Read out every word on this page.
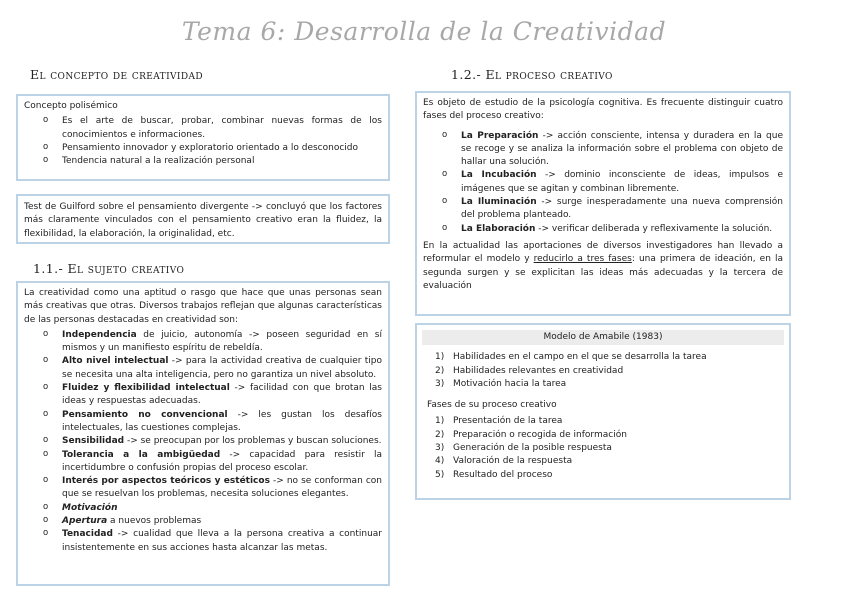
Tema 6: Desarrolla de la Creatividad
El concepto de creatividad

Concepto polisémico

o Es el arte de buscar, probar, combinar nuevas formas de los conocimientos e informaciones.
o Pensamiento innovador y exploratorio orientado a lo desconocido
o Tendencia natural a la realización personal

Test de Guilford sobre el pensamiento divergente -> concluyó que los factores más claramente vinculados con el pensamiento creativo eran la fluidez, la flexibilidad, la elaboración, la originalidad, etc.

1.1.- El sujeto creativo

La creatividad como una aptitud o rasgo que hace que unas personas sean más creativas que otras. Diversos trabajos reflejan que algunas características de las personas destacadas en creatividad son:

o Independencia de juicio, autonomía -> poseen seguridad en sí mismos y un manifiesto espíritu de rebeldía.
o Alto nivel intelectual -> para la actividad creativa de cualquier tipo se necesita una alta inteligencia, pero no garantiza un nivel absoluto.
o Fluidez y flexibilidad intelectual -> facilidad con que brotan las ideas y respuestas adecuadas.
o Pensamiento no convencional -> les gustan los desafíos intelectuales, las cuestiones complejas.
o Sensibilidad -> se preocupan por los problemas y buscan soluciones.
o Tolerancia a la ambigüedad -> capacidad para resistir la incertidumbre o confusión propias del proceso escolar.
o Interés por aspectos teóricos y estéticos -> no se conforman con que se resuelvan los problemas, necesita soluciones elegantes.
o Motivación
o Apertura a nuevos problemas
o Tenacidad -> cualidad que lleva a la persona creativa a continuar insistentemente en sus acciones hasta alcanzar las metas.
1.2.- El proceso creativo

Es objeto de estudio de la psicología cognitiva. Es frecuente distinguir cuatro fases del proceso creativo:

o La Preparación -> acción consciente, intensa y duradera en la que se recoge y se analiza la información sobre el problema con objeto de hallar una solución.
o La Incubación -> dominio inconsciente de ideas, impulsos e imágenes que se agitan y combinan libremente.
o La Iluminación -> surge inesperadamente una nueva comprensión del problema planteado.
o La Elaboración -> verificar deliberada y reflexivamente la solución.

En la actualidad las aportaciones de diversos investigadores han llevado a reformular el modelo y reducirlo a tres fases: una primera de ideación, en la segunda surgen y se explicitan las ideas más adecuadas y la tercera de evaluación

Modelo de Amabile (1983)
1) Habilidades en el campo en el que se desarrolla la tarea
2) Habilidades relevantes en creatividad
3) Motivación hacia la tarea

Fases de su proceso creativo

1) Presentación de la tarea
2) Preparación o recogida de información
3) Generación de la posible respuesta
4) Valoración de la respuesta
5) Resultado del proceso
